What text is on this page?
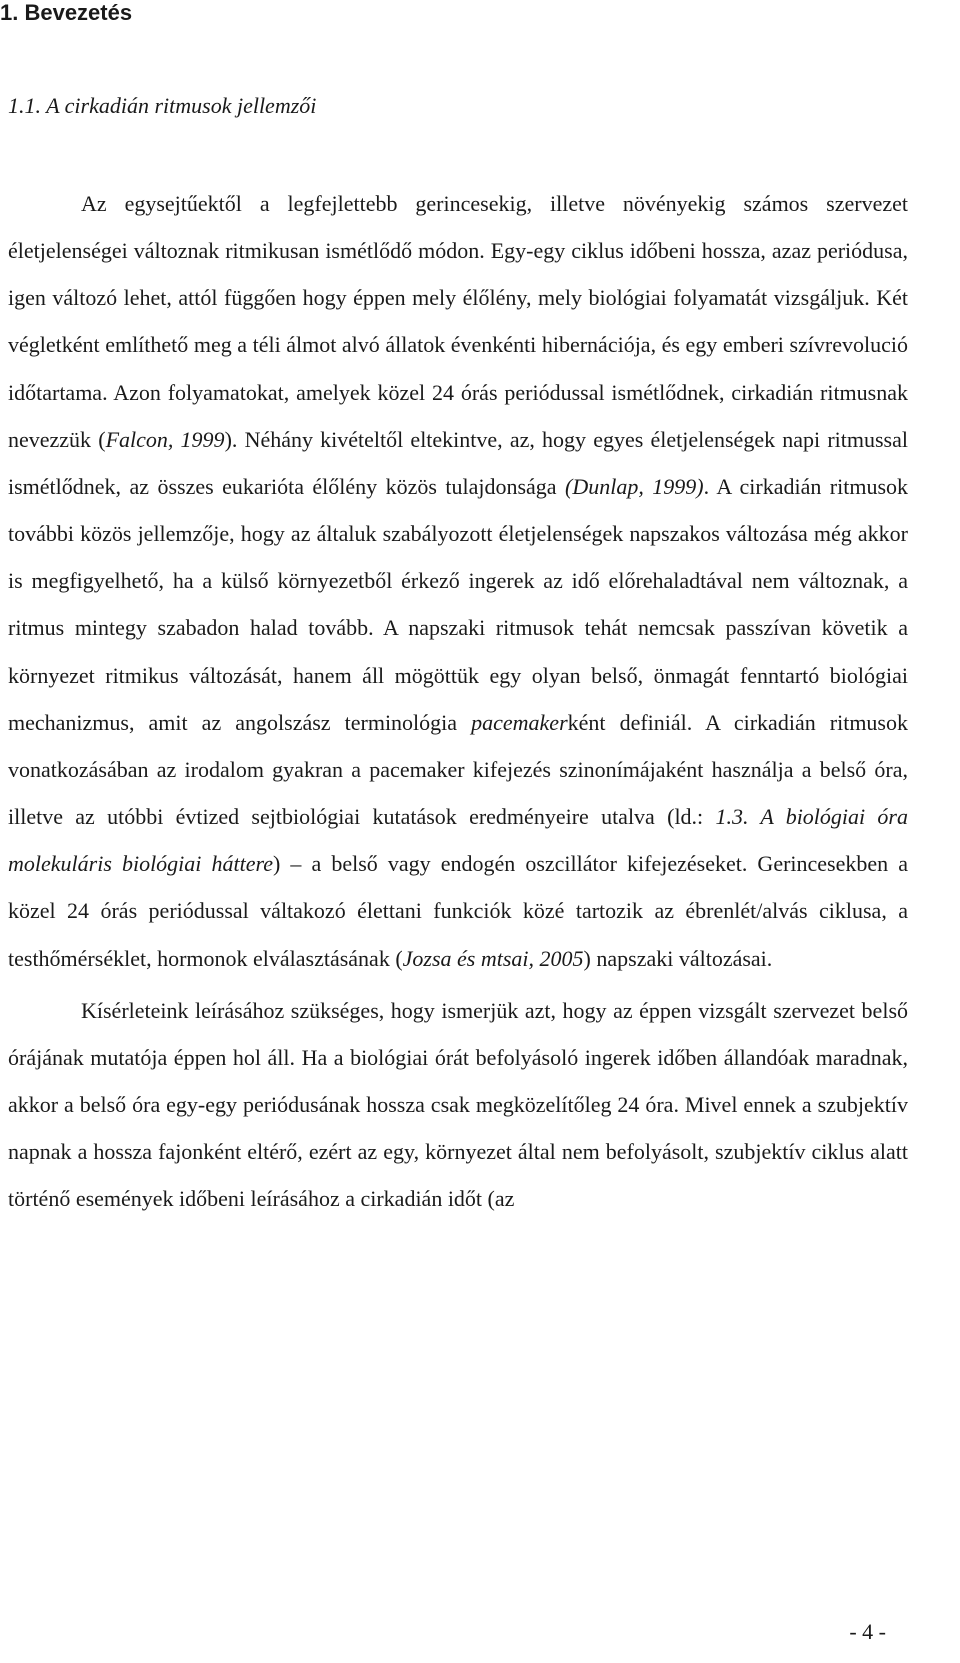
1. Bevezetés
1.1. A cirkadián ritmusok jellemzői

Az egysejtűektől a legfejlettebb gerincesekig, illetve növényekig számos szervezet életjelenségei változnak ritmikusan ismétlődő módon. Egy-egy ciklus időbeni hossza, azaz periódusa, igen változó lehet, attól függően hogy éppen mely élőlény, mely biológiai folyamatát vizsgáljuk. Két végletként említhető meg a téli álmot alvó állatok évenkénti hibernációja, és egy emberi szívrevolució időtartama. Azon folyamatokat, amelyek közel 24 órás periódussal ismétlődnek, cirkadián ritmusnak nevezzük (Falcon, 1999). Néhány kivételtől eltekintve, az, hogy egyes életjelenségek napi ritmussal ismétlődnek, az összes eukarióta élőlény közös tulajdonsága (Dunlap, 1999). A cirkadián ritmusok további közös jellemzője, hogy az általuk szabályozott életjelenségek napszakos változása még akkor is megfigyelhető, ha a külső környezetből érkező ingerek az idő előrehaladtával nem változnak, a ritmus mintegy szabadon halad tovább. A napszaki ritmusok tehát nemcsak passzívan követik a környezet ritmikus változását, hanem áll mögöttük egy olyan belső, önmagát fenntartó biológiai mechanizmus, amit az angolszász terminológia pacemakerként definiál. A cirkadián ritmusok vonatkozásában az irodalom gyakran a pacemaker kifejezés szinonímájaként használja a belső óra, illetve az utóbbi évtized sejtbiológiai kutatások eredményeire utalva (ld.: 1.3. A biológiai óra molekuláris biológiai háttere) – a belső vagy endogén oszcillátor kifejezéseket. Gerincesekben a közel 24 órás periódussal váltakozó élettani funkciók közé tartozik az ébrenlét/alvás ciklusa, a testhőmérséklet, hormonok elválasztásának (Jozsa és mtsai, 2005) napszaki változásai.

Kísérleteink leírásához szükséges, hogy ismerjük azt, hogy az éppen vizsgált szervezet belső órájának mutatója éppen hol áll. Ha a biológiai órát befolyásoló ingerek időben állandóak maradnak, akkor a belső óra egy-egy periódusának hossza csak megközelítőleg 24 óra. Mivel ennek a szubjektív napnak a hossza fajonként eltérő, ezért az egy, környezet által nem befolyásolt, szubjektív ciklus alatt történő események időbeni leírásához a cirkadián időt (az

- 4 -
